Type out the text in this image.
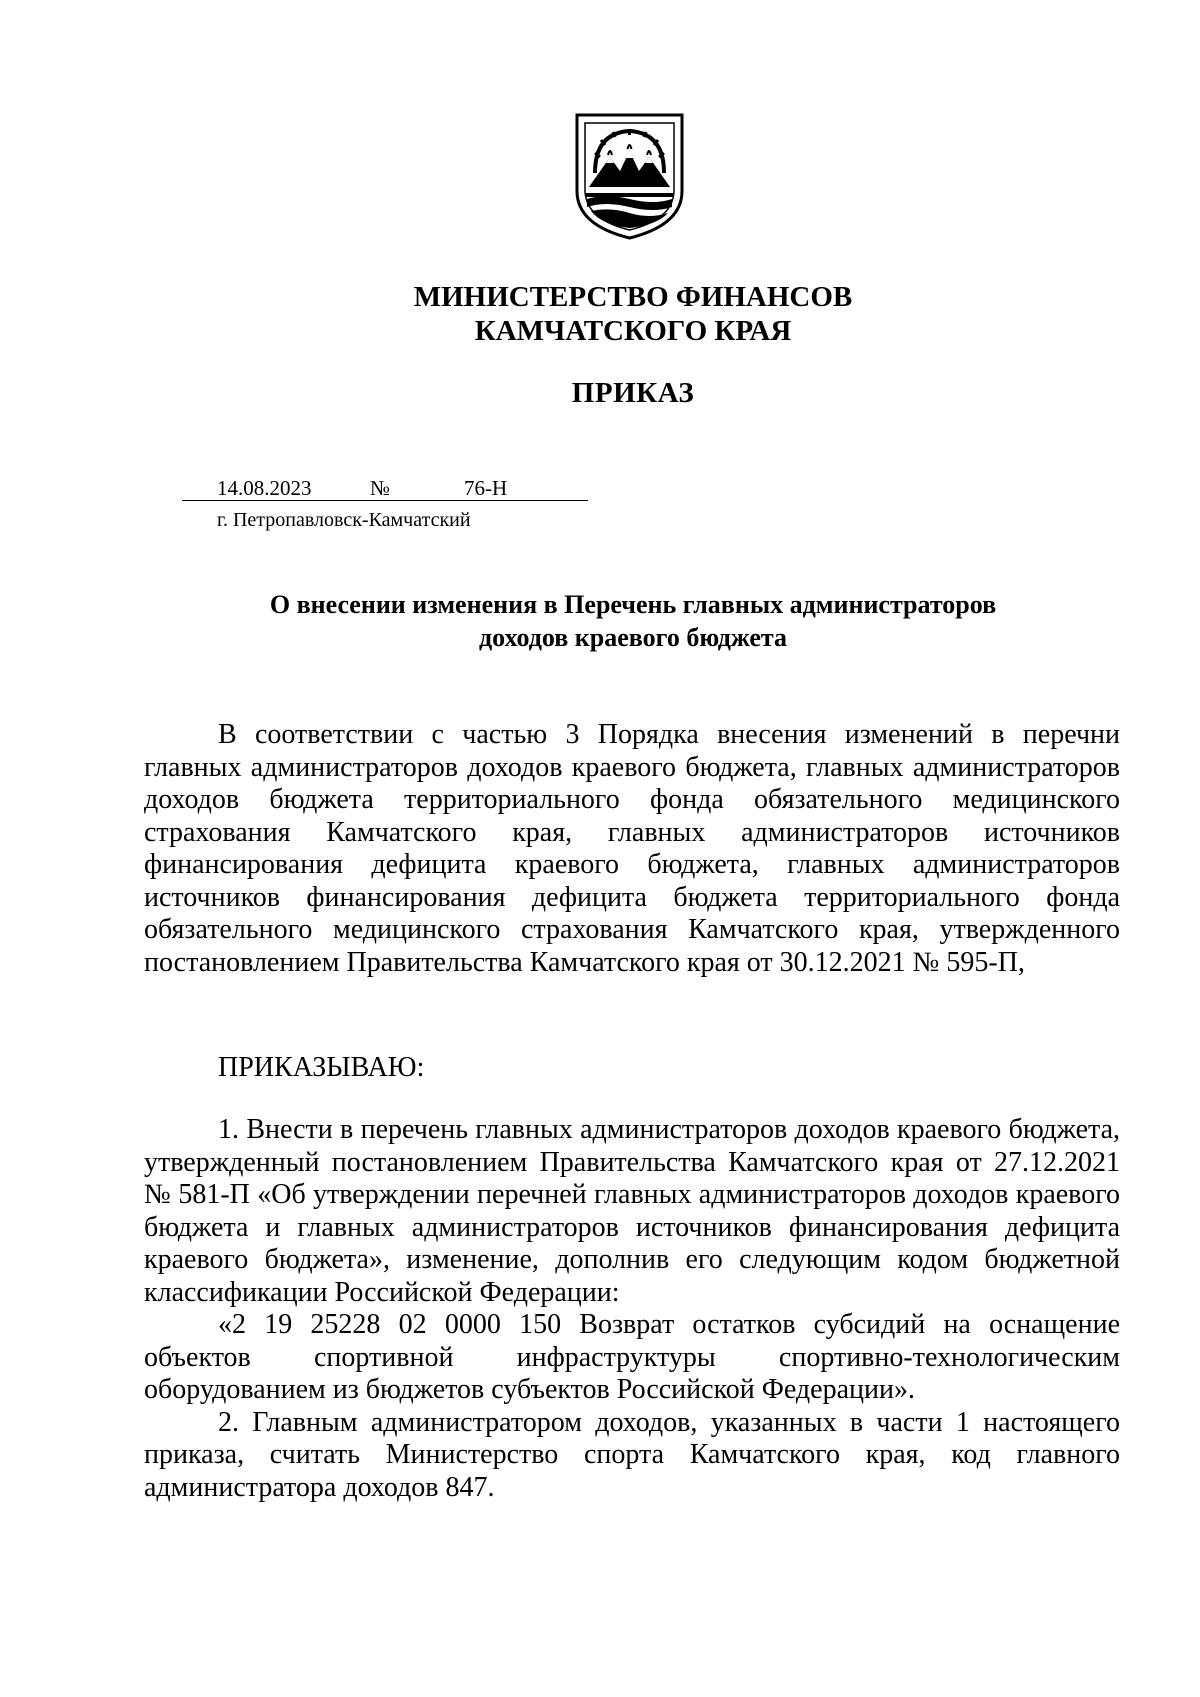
МИНИСТЕРСТВО ФИНАНСОВ
КАМЧАТСКОГО КРАЯ
ПРИКАЗ
14.08.2023	№	76-Н
г. Петропавловск-Камчатский
О внесении изменения в Перечень главных администраторов
доходов краевого бюджета

В соответствии с частью 3 Порядка внесения изменений в перечни главных администраторов доходов краевого бюджета, главных администраторов доходов бюджета территориального фонда обязательного медицинского страхования Камчатского края, главных администраторов источников финансирования дефицита краевого бюджета, главных администраторов источников финансирования дефицита бюджета территориального фонда обязательного медицинского страхования Камчатского края, утвержденного постановлением Правительства Камчатского края от 30.12.2021 № 595-П,

ПРИКАЗЫВАЮ:

1. Внести в перечень главных администраторов доходов краевого бюджета, утвержденный постановлением Правительства Камчатского края от 27.12.2021 № 581-П «Об утверждении перечней главных администраторов доходов краевого бюджета и главных администраторов источников финансирования дефицита краевого бюджета», изменение, дополнив его следующим кодом бюджетной классификации Российской Федерации:

«2 19 25228 02 0000 150 Возврат остатков субсидий на оснащение объектов спортивной инфраструктуры спортивно-технологическим оборудованием из бюджетов субъектов Российской Федерации».

2. Главным администратором доходов, указанных в части 1 настоящего приказа, считать Министерство спорта Камчатского края, код главного администратора доходов 847.
